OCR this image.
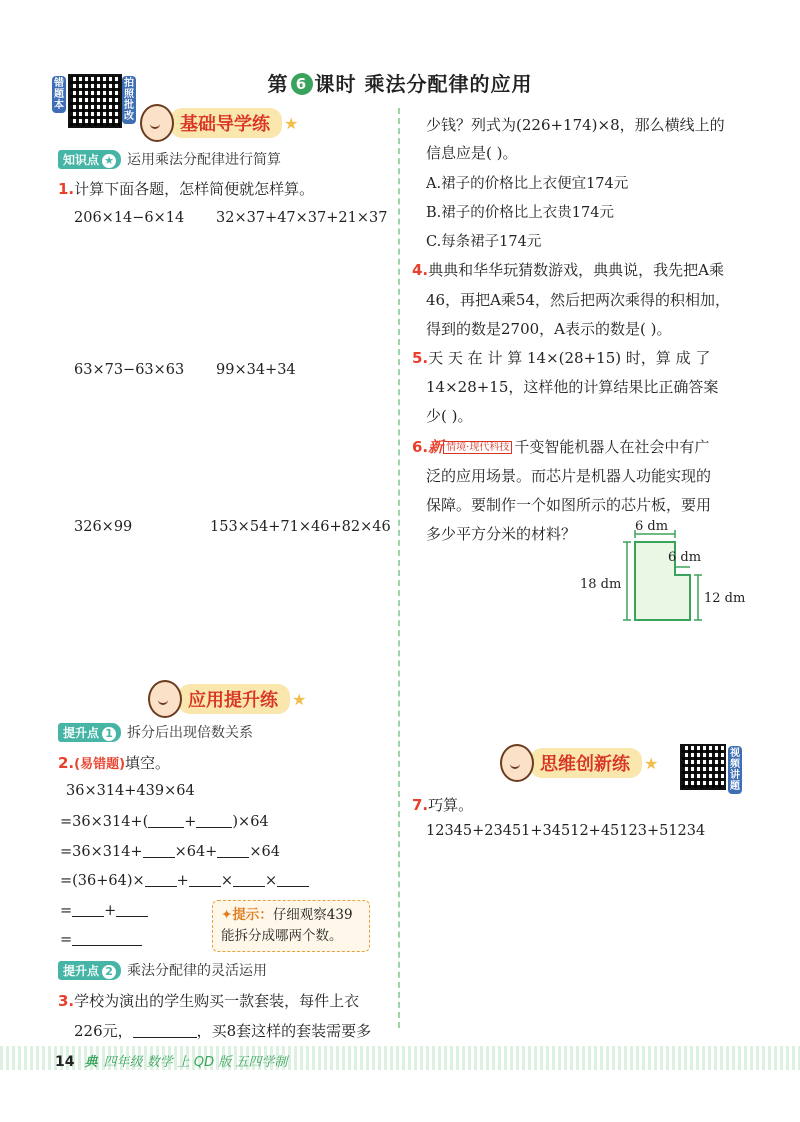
错题本
拍照批改
第 6 课时 乘法分配律的应用
基础导学练 ★
知识点 ★ 运用乘法分配律进行简算
1.计算下面各题，怎样简便就怎样算。
206×14−6×14 32×37+47×37+21×37
63×73−63×63 99×34+34
326×99	153×54+71×46+82×46
应用提升练 ★
提升点 1 拆分后出现倍数关系
2.(易错题)填空。
36×314+439×64
=36×314+( + )×64
=36×314+ ×64+ ×64
=(36+64)× + × ×
= +
=
✦提示：仔细观察439
能拆分成哪两个数。
提升点 2 乘法分配律的灵活运用
3.学校为演出的学生购买一款套装，每件上衣
226元，	，买8套这样的套装需要多
少钱？列式为(226+174)×8，那么横线上的
信息应是( )。
A.裙子的价格比上衣便宜174元
B.裙子的价格比上衣贵174元
C.每条裙子174元
4.典典和华华玩猜数游戏，典典说，我先把A乘
46，再把A乘54，然后把两次乘得的积相加，
得到的数是2700，A表示的数是( )。
5.天 天 在 计 算 14×(28+15) 时，算 成 了
14×28+15，这样他的计算结果比正确答案
少( )。
6.新 情境·现代科技 千变智能机器人在社会中有广
泛的应用场景。而芯片是机器人功能实现的
保障。要制作一个如图所示的芯片板，要用
多少平方分米的材料？	6 dm
6 dm
18 dm
12 dm
思维创新练 ★	视频讲题
7.巧算。
12345+23451+34512+45123+51234
14 典 四年级 数学 上 QD 版 五四学制
